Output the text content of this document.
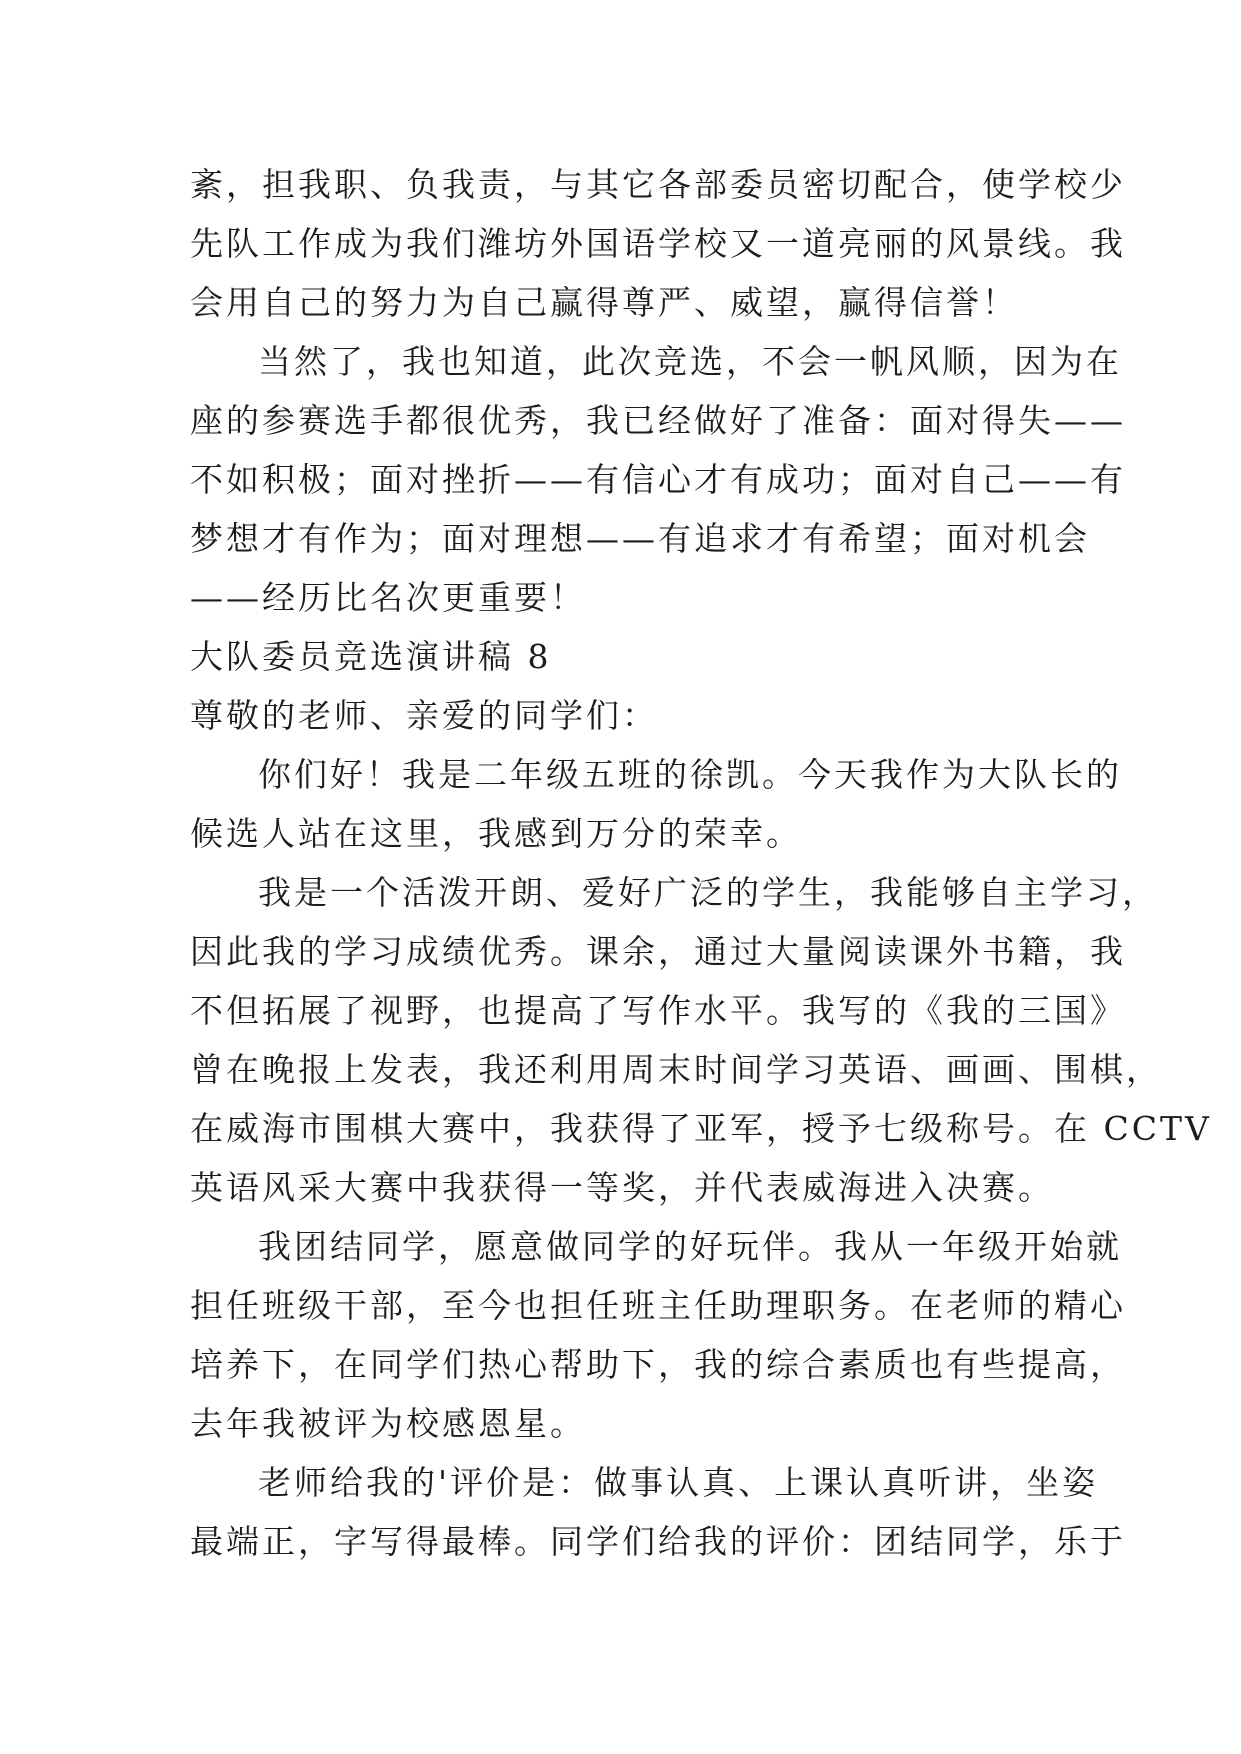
紊，担我职、负我责，与其它各部委员密切配合，使学校少
先队工作成为我们潍坊外国语学校又一道亮丽的风景线。我
会用自己的努力为自己赢得尊严、威望，赢得信誉！
当然了，我也知道，此次竞选，不会一帆风顺，因为在
座的参赛选手都很优秀，我已经做好了准备：面对得失——
不如积极；面对挫折——有信心才有成功；面对自己——有
梦想才有作为；面对理想——有追求才有希望；面对机会
——经历比名次更重要！
大队委员竞选演讲稿 8
尊敬的老师、亲爱的同学们：
你们好！我是二年级五班的徐凯。今天我作为大队长的
候选人站在这里，我感到万分的荣幸。
我是一个活泼开朗、爱好广泛的学生，我能够自主学习，
因此我的学习成绩优秀。课余，通过大量阅读课外书籍，我
不但拓展了视野，也提高了写作水平。我写的《我的三国》
曾在晚报上发表，我还利用周末时间学习英语、画画、围棋，
在威海市围棋大赛中，我获得了亚军，授予七级称号。在 CCTV
英语风采大赛中我获得一等奖，并代表威海进入决赛。
我团结同学，愿意做同学的好玩伴。我从一年级开始就
担任班级干部，至今也担任班主任助理职务。在老师的精心
培养下，在同学们热心帮助下，我的综合素质也有些提高，
去年我被评为校感恩星。
老师给我的'评价是：做事认真、上课认真听讲，坐姿
最端正，字写得最棒。同学们给我的评价：团结同学，乐于
